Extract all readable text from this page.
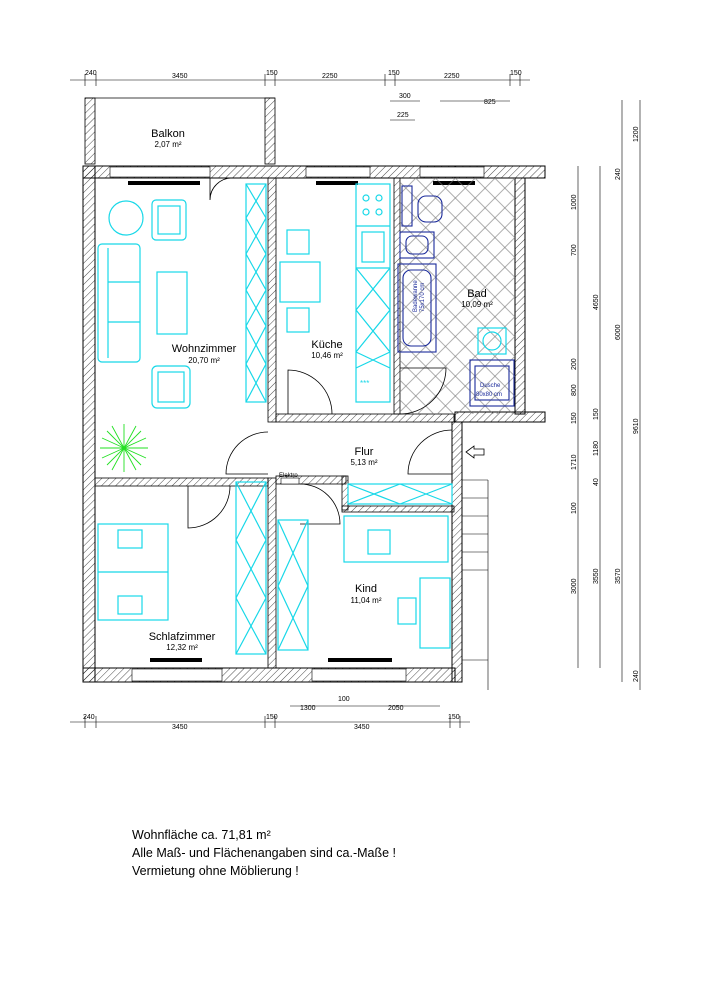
240	3450	150	2250	150	2250	150
300
225
825
***
Badewanne 75x170 cm
Dusche
80x80 cm
Elektro
Balkon
2,07 m²
Wohnzimmer
20,70 m²
Küche
10,46 m²
Bad
10,09 m²
Flur
5,13 m²
Kind
11,04 m²
Schlafzimmer
12,32 m²
240
3450
150
1300
100
2050
3450
150
1000
700
200
800
150
1710
100
3000
4650
150
1180
40
3550
1200
240
6000
9610
3570
240
Wohnfläche ca. 71,81 m²
Alle Maß- und Flächenangaben sind ca.-Maße !
Vermietung ohne Möblierung !
